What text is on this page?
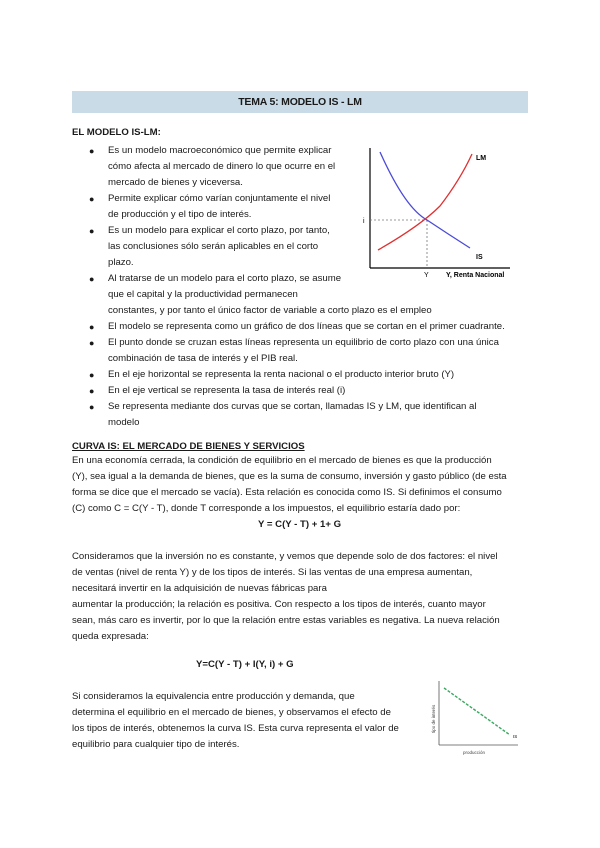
TEMA 5: MODELO IS - LM
EL MODELO IS-LM:
● Es un modelo macroeconómico que permite explicar
cómo afecta al mercado de dinero lo que ocurre en el
mercado de bienes y viceversa.
● Permite explicar cómo varían conjuntamente el nivel
de producción y el tipo de interés.
● Es un modelo para explicar el corto plazo, por tanto,
las conclusiones sólo serán aplicables en el corto
plazo.
● Al tratarse de un modelo para el corto plazo, se asume
que el capital y la productividad permanecen
constantes, y por tanto el único factor de variable a corto plazo es el empleo
● El modelo se representa como un gráfico de dos líneas que se cortan en el primer cuadrante.
● El punto donde se cruzan estas líneas representa un equilibrio de corto plazo con una única
combinación de tasa de interés y el PIB real.
● En el eje horizontal se representa la renta nacional o el producto interior bruto (Y)
● En el eje vertical se representa la tasa de interés real (i)
● Se representa mediante dos curvas que se cortan, llamadas IS y LM, que identifican al
modelo
LM
IS
i
Y Y, Renta Nacional
CURVA IS: EL MERCADO DE BIENES Y SERVICIOS
En una economía cerrada, la condición de equilibrio en el mercado de bienes es que la producción
(Y), sea igual a la demanda de bienes, que es la suma de consumo, inversión y gasto público (de esta
forma se dice que el mercado se vacía). Esta relación es conocida como IS. Si definimos el consumo
(C) como C = C(Y - T), donde T corresponde a los impuestos, el equilibrio estaría dado por:
Y = C(Y - T) + 1+ G
Consideramos que la inversión no es constante, y vemos que depende solo de dos factores: el nivel
de ventas (nivel de renta Y) y de los tipos de interés. Si las ventas de una empresa aumentan,
necesitará invertir en la adquisición de nuevas fábricas para
aumentar la producción; la relación es positiva. Con respecto a los tipos de interés, cuanto mayor
sean, más caro es invertir, por lo que la relación entre estas variables es negativa. La nueva relación
queda expresada:
Y=C(Y - T) + I(Y, i) + G
Si consideramos la equivalencia entre producción y demanda, que
determina el equilibrio en el mercado de bienes, y observamos el efecto de
los tipos de interés, obtenemos la curva IS. Esta curva representa el valor de
equilibrio para cualquier tipo de interés.
IS
tipo de interés
producción
